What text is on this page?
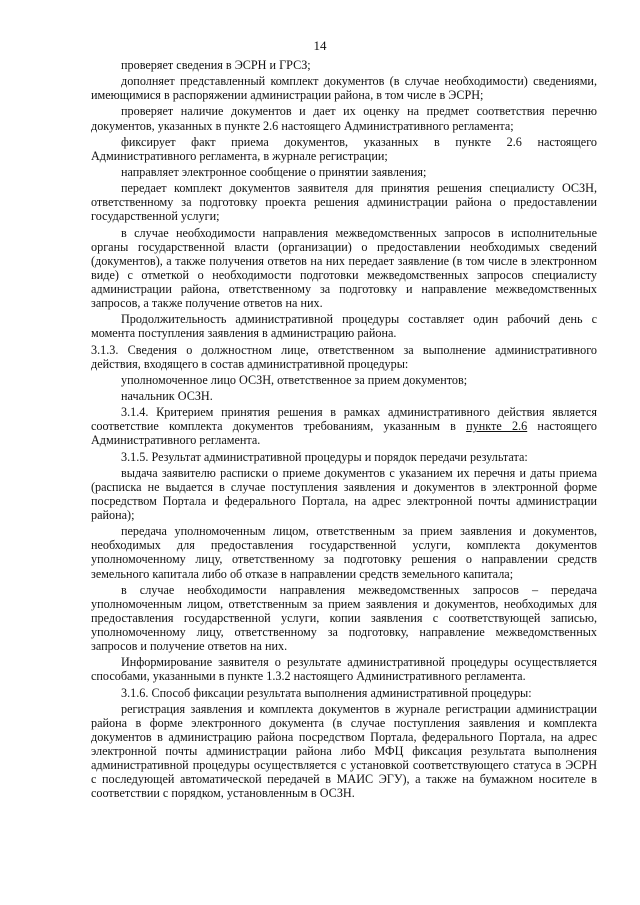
14

проверяет сведения в ЭСРН и ГРСЗ;

дополняет представленный комплект документов (в случае необходимости) сведениями, имеющимися в распоряжении администрации района, в том числе в ЭСРН;

проверяет наличие документов и дает их оценку на предмет соответствия перечню документов, указанных в пункте 2.6 настоящего Административного регламента;

фиксирует факт приема документов, указанных в пункте 2.6 настоящего Административного регламента, в журнале регистрации;

направляет электронное сообщение о принятии заявления;

передает комплект документов заявителя для принятия решения специалисту ОСЗН, ответственному за подготовку проекта решения администрации района о предоставлении государственной услуги;

в случае необходимости направления межведомственных запросов в исполнительные органы государственной власти (организации) о предоставлении необходимых сведений (документов), а также получения ответов на них передает заявление (в том числе в электронном виде) с отметкой о необходимости подготовки межведомственных запросов специалисту администрации района, ответственному за подготовку и направление межведомственных запросов, а также получение ответов на них.

Продолжительность административной процедуры составляет один рабочий день с момента поступления заявления в администрацию района.

3.1.3. Сведения о должностном лице, ответственном за выполнение административного действия, входящего в состав административной процедуры:

уполномоченное лицо ОСЗН, ответственное за прием документов;

начальник ОСЗН.

3.1.4. Критерием принятия решения в рамках административного действия является соответствие комплекта документов требованиям, указанным в пункте 2.6 настоящего Административного регламента.

3.1.5. Результат административной процедуры и порядок передачи результата:

выдача заявителю расписки о приеме документов с указанием их перечня и даты приема (расписка не выдается в случае поступления заявления и документов в электронной форме посредством Портала и федерального Портала, на адрес электронной почты администрации района);

передача уполномоченным лицом, ответственным за прием заявления и документов, необходимых для предоставления государственной услуги, комплекта документов уполномоченному лицу, ответственному за подготовку решения о направлении средств земельного капитала либо об отказе в направлении средств земельного капитала;

в случае необходимости направления межведомственных запросов – передача уполномоченным лицом, ответственным за прием заявления и документов, необходимых для предоставления государственной услуги, копии заявления с соответствующей записью, уполномоченному лицу, ответственному за подготовку, направление межведомственных запросов и получение ответов на них.

Информирование заявителя о результате административной процедуры осуществляется способами, указанными в пункте 1.3.2 настоящего Административного регламента.

3.1.6. Способ фиксации результата выполнения административной процедуры:

регистрация заявления и комплекта документов в журнале регистрации администрации района в форме электронного документа (в случае поступления заявления и комплекта документов в администрацию района посредством Портала, федерального Портала, на адрес электронной почты администрации района либо МФЦ фиксация результата выполнения административной процедуры осуществляется с установкой соответствующего статуса в ЭСРН с последующей автоматической передачей в МАИС ЭГУ), а также на бумажном носителе в соответствии с порядком, установленным в ОСЗН.
